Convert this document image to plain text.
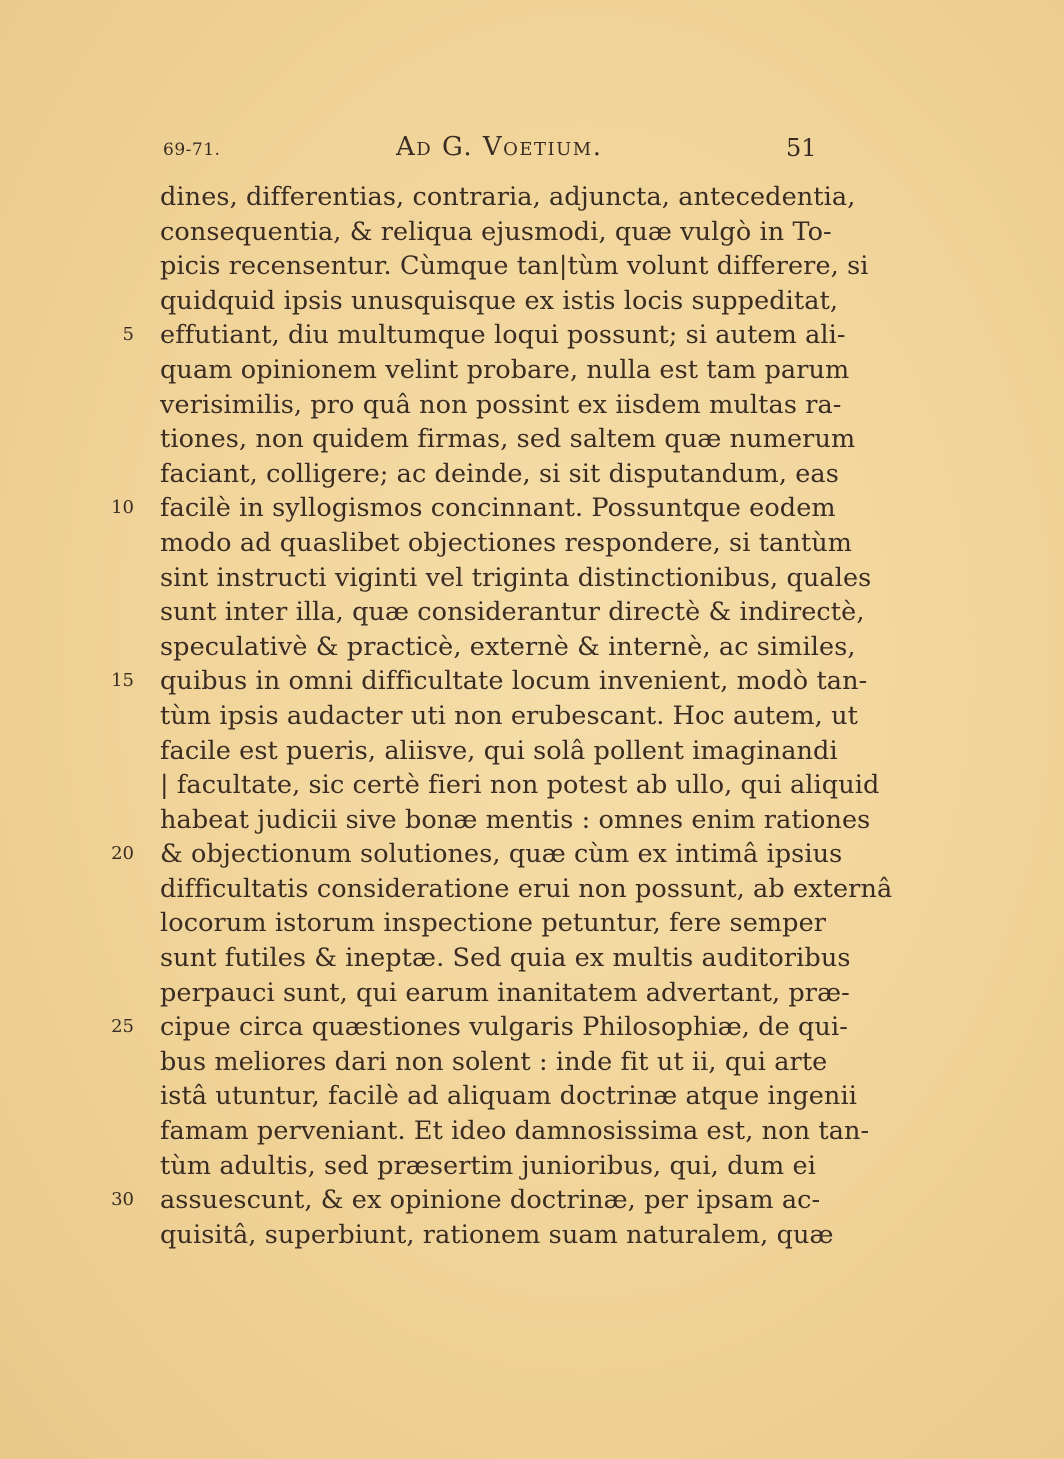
69-71.	Ad G. Voetium.	51
dines, differentias, contraria, adjuncta, antecedentia,
consequentia, & reliqua ejusmodi, quæ vulgò in To-
picis recensentur. Cùmque tan|tùm volunt differere, si
quidquid ipsis unusquisque ex istis locis suppeditat,
5 effutiant, diu multumque loqui possunt; si autem ali-
quam opinionem velint probare, nulla est tam parum
verisimilis, pro quâ non possint ex iisdem multas ra-
tiones, non quidem firmas, sed saltem quæ numerum
faciant, colligere; ac deinde, si sit disputandum, eas
10 facilè in syllogismos concinnant. Possuntque eodem
modo ad quaslibet objectiones respondere, si tantùm
sint instructi viginti vel triginta distinctionibus, quales
sunt inter illa, quæ considerantur directè & indirectè,
speculativè & practicè, externè & internè, ac similes,
15 quibus in omni difficultate locum invenient, modò tan-
tùm ipsis audacter uti non erubescant. Hoc autem, ut
facile est pueris, aliisve, qui solâ pollent imaginandi
| facultate, sic certè fieri non potest ab ullo, qui aliquid
habeat judicii sive bonæ mentis : omnes enim rationes
20 & objectionum solutiones, quæ cùm ex intimâ ipsius
difficultatis consideratione erui non possunt, ab externâ
locorum istorum inspectione petuntur, fere semper
sunt futiles & ineptæ. Sed quia ex multis auditoribus
perpauci sunt, qui earum inanitatem advertant, præ-
25 cipue circa quæstiones vulgaris Philosophiæ, de qui-
bus meliores dari non solent : inde fit ut ii, qui arte
istâ utuntur, facilè ad aliquam doctrinæ atque ingenii
famam perveniant. Et ideo damnosissima est, non tan-
tùm adultis, sed præsertim junioribus, qui, dum ei
30 assuescunt, & ex opinione doctrinæ, per ipsam ac-
quisitâ, superbiunt, rationem suam naturalem, quæ
